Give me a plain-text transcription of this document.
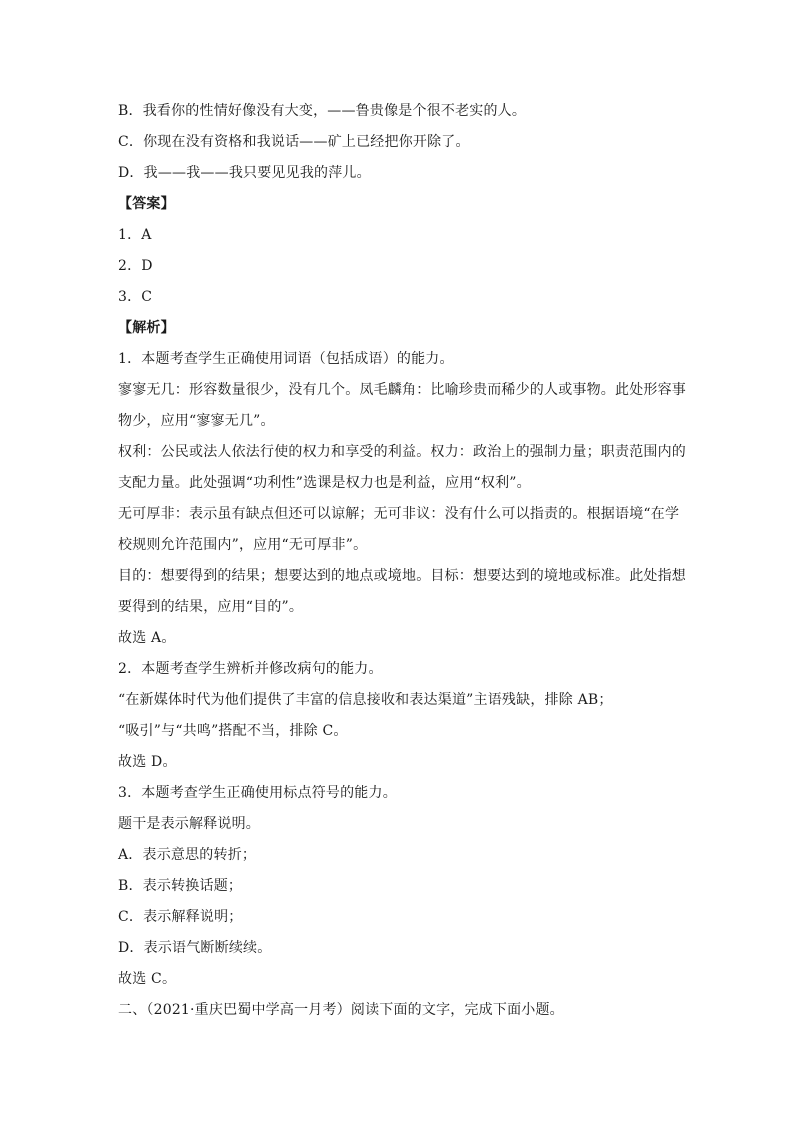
B．我看你的性情好像没有大变，——鲁贵像是个很不老实的人。
C．你现在没有资格和我说话——矿上已经把你开除了。
D．我——我——我只要见见我的萍儿。
【答案】
1．A
2．D
3．C
【解析】
1．本题考查学生正确使用词语（包括成语）的能力。
寥寥无几：形容数量很少，没有几个。凤毛麟角：比喻珍贵而稀少的人或事物。此处形容事
物少，应用“寥寥无几”。
权利：公民或法人依法行使的权力和享受的利益。权力：政治上的强制力量；职责范围内的
支配力量。此处强调“功利性”选课是权力也是利益，应用“权利”。
无可厚非：表示虽有缺点但还可以谅解；无可非议：没有什么可以指责的。根据语境“在学
校规则允许范围内”，应用“无可厚非”。
目的：想要得到的结果；想要达到的地点或境地。目标：想要达到的境地或标准。此处指想
要得到的结果，应用“目的”。
故选 A。
2．本题考查学生辨析并修改病句的能力。
“在新媒体时代为他们提供了丰富的信息接收和表达渠道”主语残缺，排除 AB；
“吸引”与“共鸣”搭配不当，排除 C。
故选 D。
3．本题考查学生正确使用标点符号的能力。
题干是表示解释说明。
A．表示意思的转折；
B．表示转换话题；
C．表示解释说明；
D．表示语气断断续续。
故选 C。
二、（2021·重庆巴蜀中学高一月考）阅读下面的文字，完成下面小题。
